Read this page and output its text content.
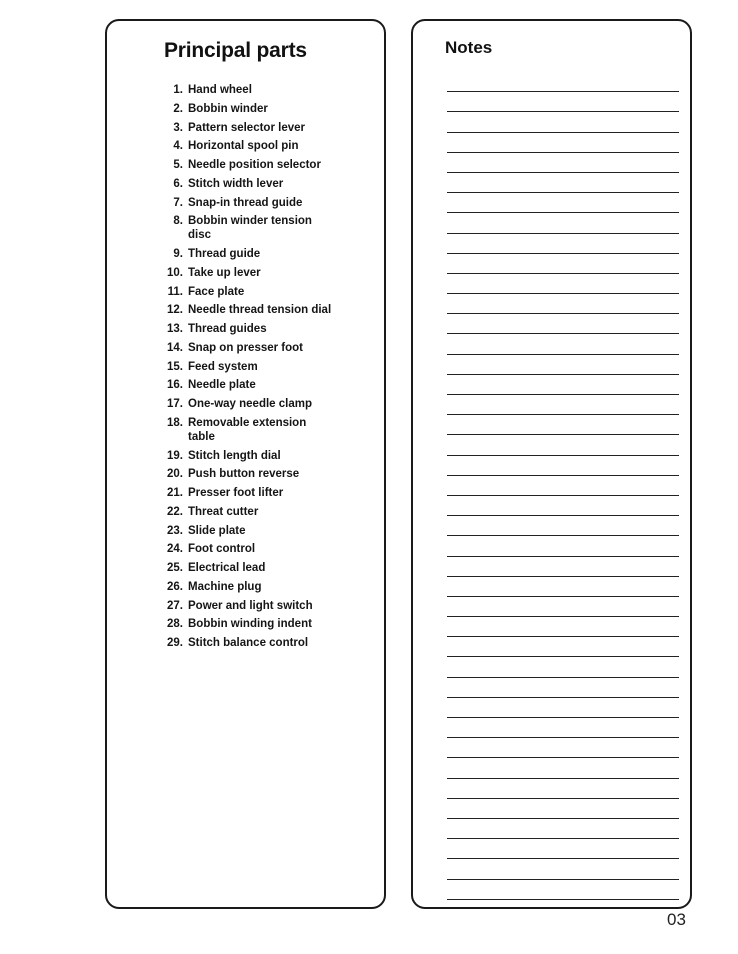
Principal parts
1. Hand wheel
2. Bobbin winder
3. Pattern selector lever
4. Horizontal spool pin
5. Needle position selector
6. Stitch width lever
7. Snap-in thread guide
8. Bobbin winder tension disc
9. Thread guide
10. Take up lever
11. Face plate
12. Needle thread tension dial
13. Thread guides
14. Snap on presser foot
15. Feed system
16. Needle plate
17. One-way needle clamp
18. Removable extension table
19. Stitch length dial
20. Push button reverse
21. Presser foot lifter
22. Threat cutter
23. Slide plate
24. Foot control
25. Electrical lead
26. Machine plug
27. Power and light switch
28. Bobbin winding indent
29. Stitch balance control
Notes
03
